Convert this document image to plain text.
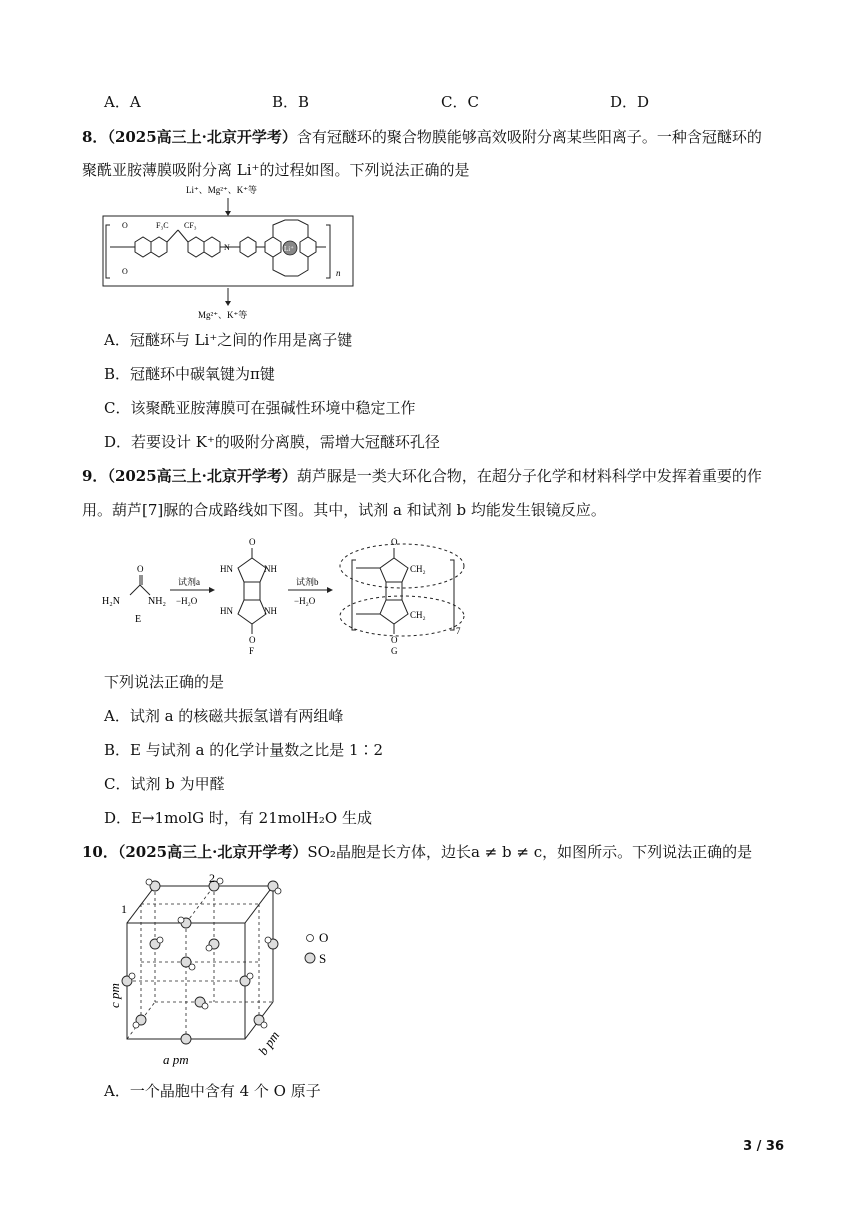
A．A	B．B	C．C	D．D
8．（2025高三上·北京开学考）含有冠醚环的聚合物膜能够高效吸附分离某些阳离子。一种含冠醚环的
聚酰亚胺薄膜吸附分离 Li⁺的过程如图。下列说法正确的是
Li⁺
Li⁺、Mg²⁺、K⁺等
Mg²⁺、K⁺等
F₃C CF₃
O
O
N
n
A．冠醚环与 Li⁺之间的作用是离子键
B．冠醚环中碳氧键为π键
C．该聚酰亚胺薄膜可在强碱性环境中稳定工作
D．若要设计 K⁺的吸附分离膜，需增大冠醚环孔径
9．（2025高三上·北京开学考）葫芦脲是一类大环化合物，在超分子化学和材料科学中发挥着重要的作
用。葫芦[7]脲的合成路线如下图。其中，试剂 a 和试剂 b 均能发生银镜反应。
H₂N	NH₂
O
E
试剂a
−H₂O
HN	NH
HN	NH
O
O
F
试剂b
−H₂O
O
O
CH₂
CH₂
7
G
下列说法正确的是
A．试剂 a 的核磁共振氢谱有两组峰
B．E 与试剂 a 的化学计量数之比是 1∶2
C．试剂 b 为甲醛
D．E→1molG 时，有 21molH₂O 生成
10．（2025高三上·北京开学考）SO₂晶胞是长方体，边长a ≠ b ≠ c，如图所示。下列说法正确的是
O
S
1
2
a pm
b pm
c pm
A．一个晶胞中含有 4 个 O 原子
3 / 36
